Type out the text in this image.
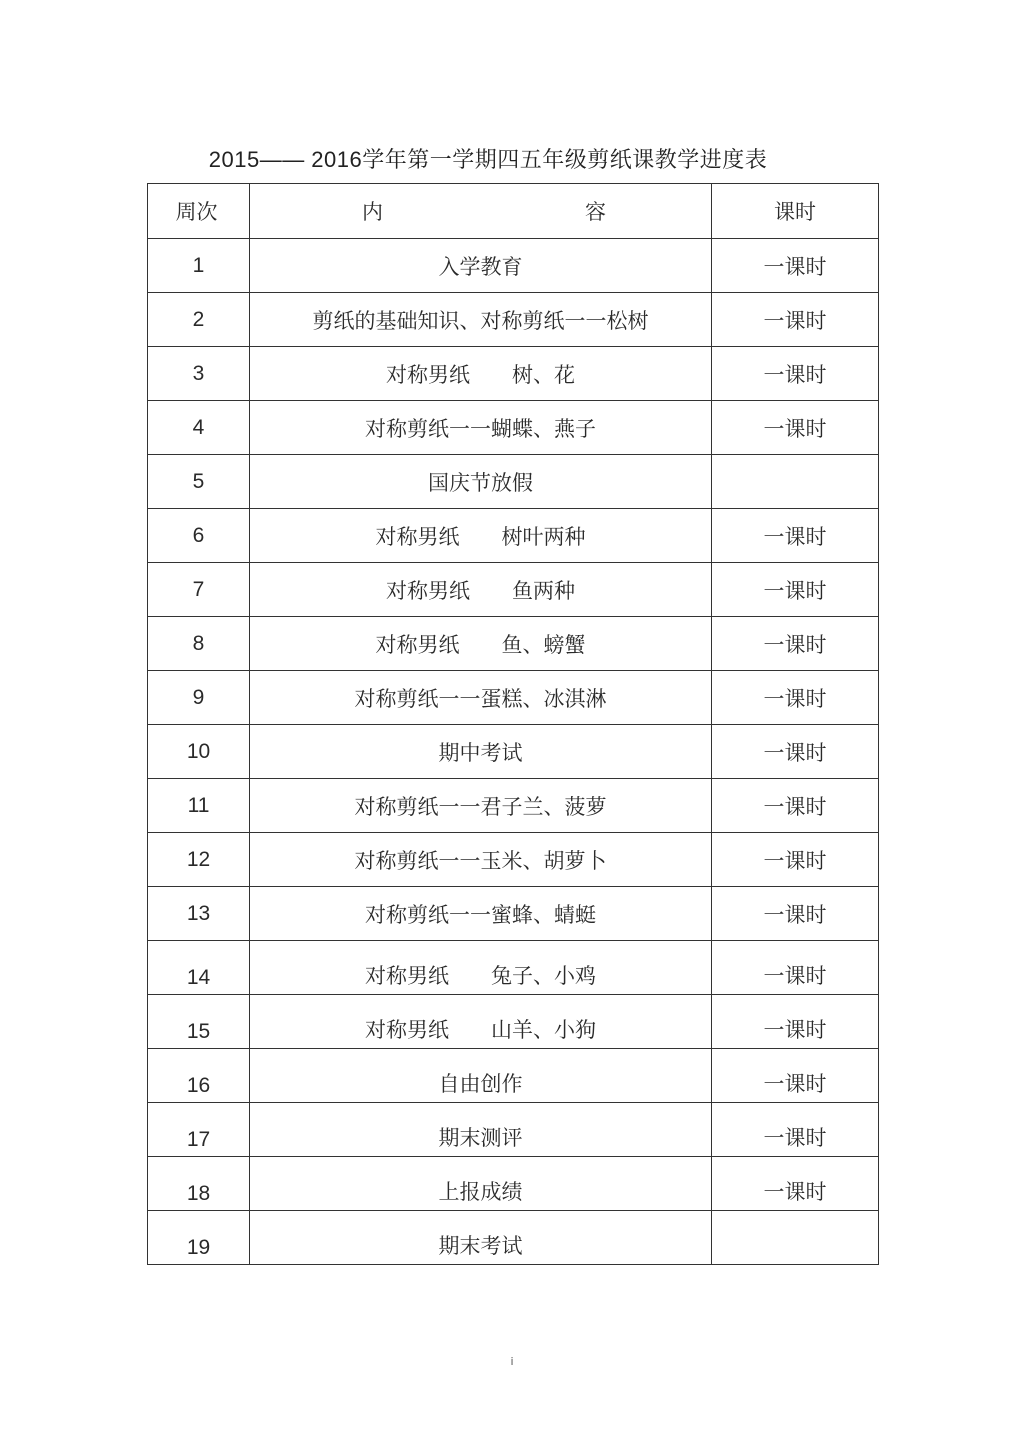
2015—— 2016学年第一学期四五年级剪纸课教学进度表
周次	内 容	课时
1	入学教育	一课时
2	剪纸的基础知识、对称剪纸一一松树	一课时
3	对称男纸 树、花	一课时
4	对称剪纸一一蝴蝶、燕子	一课时
5	国庆节放假	
6	对称男纸 树叶两种	一课时
7	对称男纸 鱼两种	一课时
8	对称男纸 鱼、螃蟹	一课时
9	对称剪纸一一蛋糕、冰淇淋	一课时
10	期中考试	一课时
11	对称剪纸一一君子兰、菠萝	一课时
12	对称剪纸一一玉米、胡萝卜	一课时
13	对称剪纸一一蜜蜂、蜻蜓	一课时
14	对称男纸 兔子、小鸡	一课时
15	对称男纸 山羊、小狗	一课时
16	自由创作	一课时
17	期末测评	一课时
18	上报成绩	一课时
19	期末考试	
i
